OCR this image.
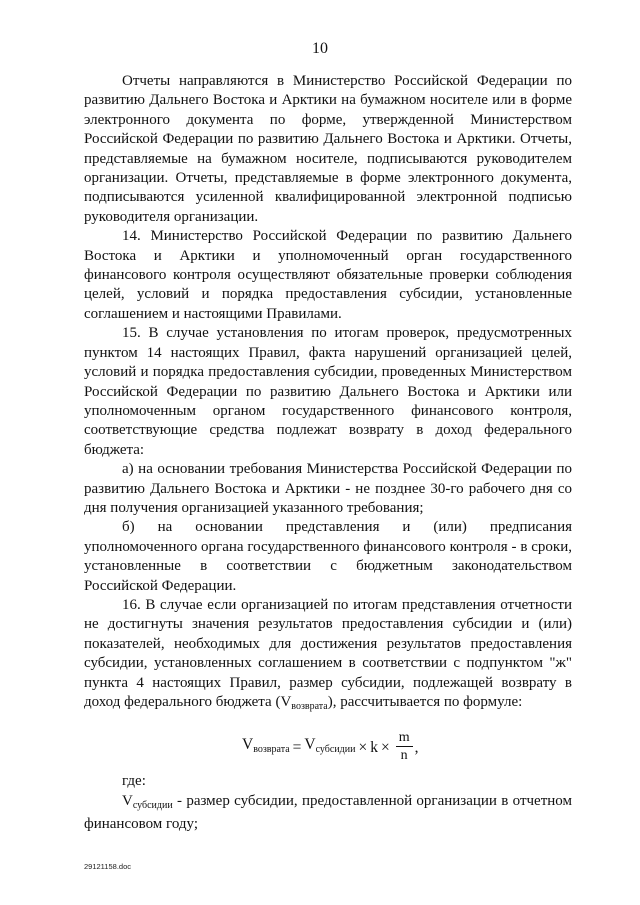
10

Отчеты направляются в Министерство Российской Федерации по развитию Дальнего Востока и Арктики на бумажном носителе или в форме электронного документа по форме, утвержденной Министерством Российской Федерации по развитию Дальнего Востока и Арктики. Отчеты, представляемые на бумажном носителе, подписываются руководителем организации. Отчеты, представляемые в форме электронного документа, подписываются усиленной квалифицированной электронной подписью руководителя организации.

14. Министерство Российской Федерации по развитию Дальнего Востока и Арктики и уполномоченный орган государственного финансового контроля осуществляют обязательные проверки соблюдения целей, условий и порядка предоставления субсидии, установленные соглашением и настоящими Правилами.

15. В случае установления по итогам проверок, предусмотренных пунктом 14 настоящих Правил, факта нарушений организацией целей, условий и порядка предоставления субсидии, проведенных Министерством Российской Федерации по развитию Дальнего Востока и Арктики или уполномоченным органом государственного финансового контроля, соответствующие средства подлежат возврату в доход федерального бюджета:

а) на основании требования Министерства Российской Федерации по развитию Дальнего Востока и Арктики - не позднее 30-го рабочего дня со дня получения организацией указанного требования;

б) на основании представления и (или) предписания уполномоченного органа государственного финансового контроля - в сроки, установленные в соответствии с бюджетным законодательством Российской Федерации.

16. В случае если организацией по итогам представления отчетности не достигнуты значения результатов предоставления субсидии и (или) показателей, необходимых для достижения результатов предоставления субсидии, установленных соглашением в соответствии с подпунктом "ж" пункта 4 настоящих Правил, размер субсидии, подлежащей возврату в доход федерального бюджета $(V_{возврата})$, рассчитывается по формуле:

$V_{возврата} = V_{субсидии} \times k \times \frac{m}{n}$ ,

где:

$V_{субсидии}$ - размер субсидии, предоставленной организации в отчетном финансовом году;

29121158.doc
